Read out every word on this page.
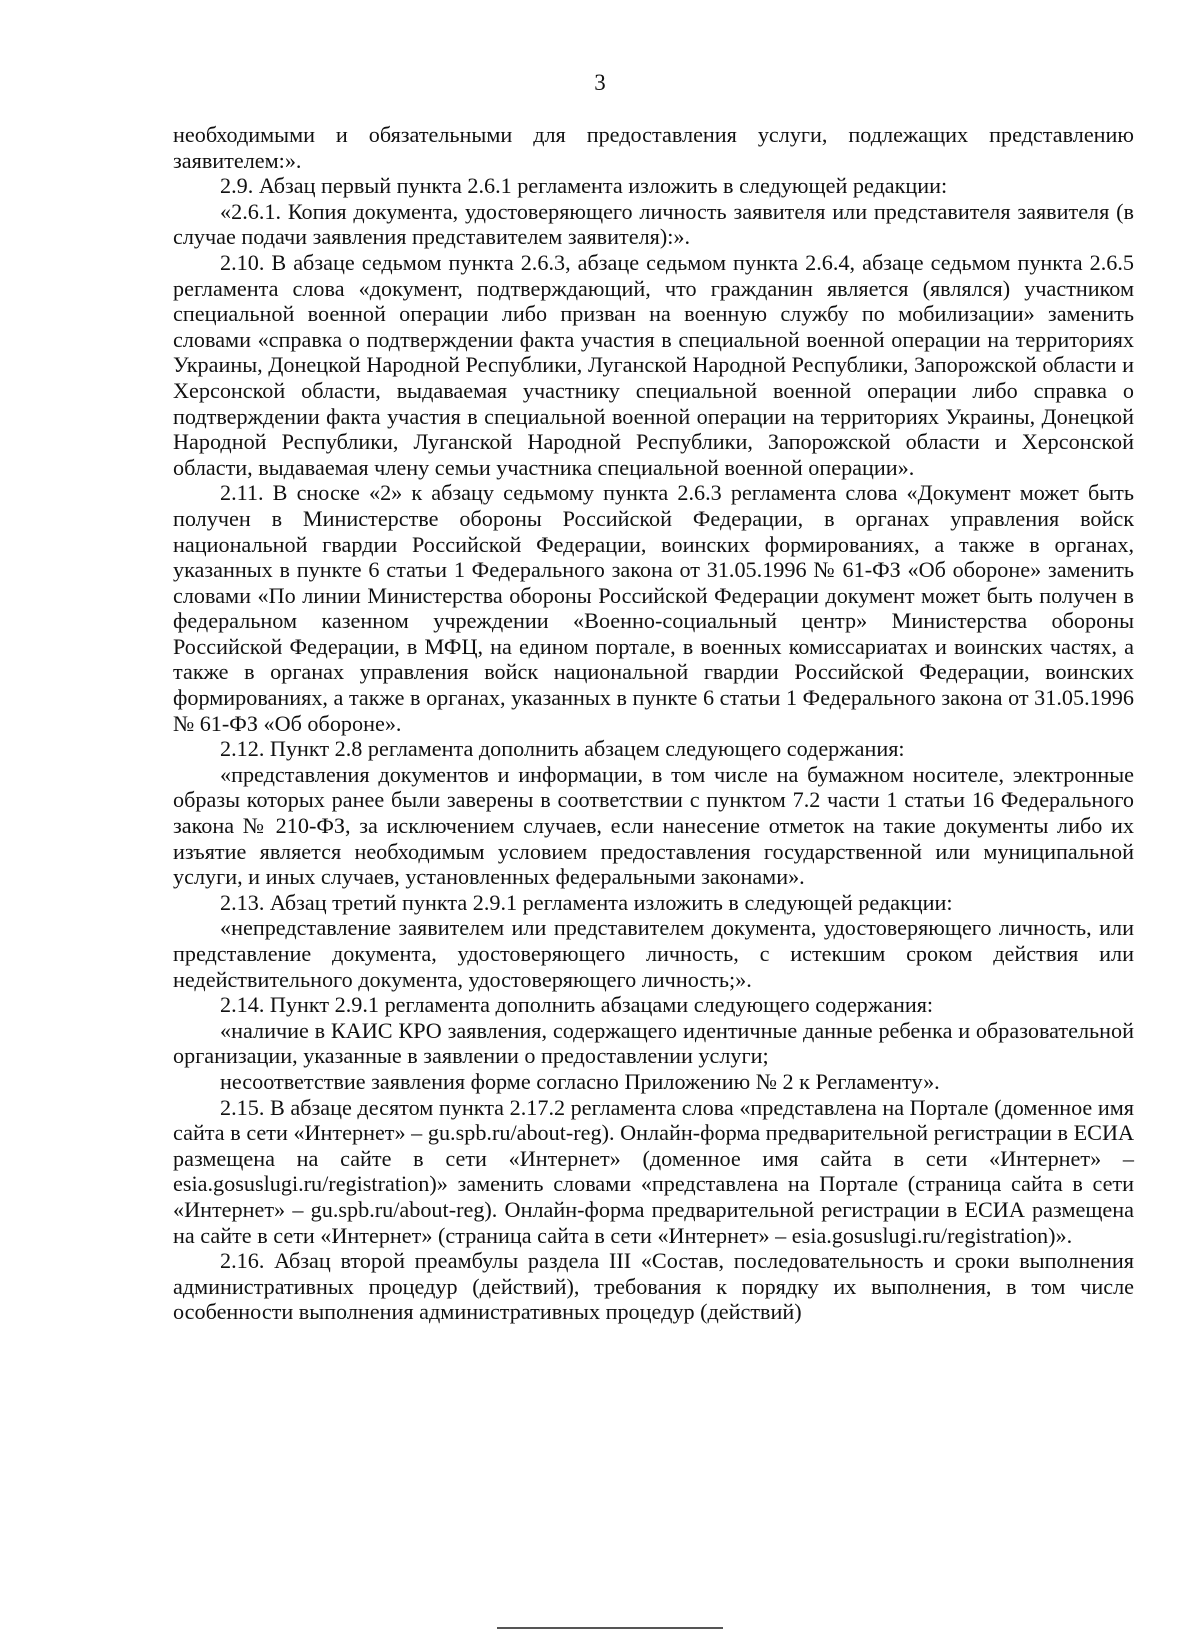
3

необходимыми и обязательными для предоставления услуги, подлежащих представлению заявителем:».

2.9. Абзац первый пункта 2.6.1 регламента изложить в следующей редакции:

«2.6.1. Копия документа, удостоверяющего личность заявителя или представителя заявителя (в случае подачи заявления представителем заявителя):».

2.10. В абзаце седьмом пункта 2.6.3, абзаце седьмом пункта 2.6.4, абзаце седьмом пункта 2.6.5 регламента слова «документ, подтверждающий, что гражданин является (являлся) участником специальной военной операции либо призван на военную службу по мобилизации» заменить словами «справка о подтверждении факта участия в специальной военной операции на территориях Украины, Донецкой Народной Республики, Луганской Народной Республики, Запорожской области и Херсонской области, выдаваемая участнику специальной военной операции либо справка о подтверждении факта участия в специальной военной операции на территориях Украины, Донецкой Народной Республики, Луганской Народной Республики, Запорожской области и Херсонской области, выдаваемая члену семьи участника специальной военной операции».

2.11. В сноске «2» к абзацу седьмому пункта 2.6.3 регламента слова «Документ может быть получен в Министерстве обороны Российской Федерации, в органах управления войск национальной гвардии Российской Федерации, воинских формированиях, а также в органах, указанных в пункте 6 статьи 1 Федерального закона от 31.05.1996 № 61-ФЗ «Об обороне» заменить словами «По линии Министерства обороны Российской Федерации документ может быть получен в федеральном казенном учреждении «Военно-социальный центр» Министерства обороны Российской Федерации, в МФЦ, на едином портале, в военных комиссариатах и воинских частях, а также в органах управления войск национальной гвардии Российской Федерации, воинских формированиях, а также в органах, указанных в пункте 6 статьи 1 Федерального закона от 31.05.1996 № 61-ФЗ «Об обороне».

2.12. Пункт 2.8 регламента дополнить абзацем следующего содержания:

«представления документов и информации, в том числе на бумажном носителе, электронные образы которых ранее были заверены в соответствии с пунктом 7.2 части 1 статьи 16 Федерального закона № 210-ФЗ, за исключением случаев, если нанесение отметок на такие документы либо их изъятие является необходимым условием предоставления государственной или муниципальной услуги, и иных случаев, установленных федеральными законами».

2.13. Абзац третий пункта 2.9.1 регламента изложить в следующей редакции:

«непредставление заявителем или представителем документа, удостоверяющего личность, или представление документа, удостоверяющего личность, с истекшим сроком действия или недействительного документа, удостоверяющего личность;».

2.14. Пункт 2.9.1 регламента дополнить абзацами следующего содержания:

«наличие в КАИС КРО заявления, содержащего идентичные данные ребенка и образовательной организации, указанные в заявлении о предоставлении услуги;

несоответствие заявления форме согласно Приложению № 2 к Регламенту».

2.15. В абзаце десятом пункта 2.17.2 регламента слова «представлена на Портале (доменное имя сайта в сети «Интернет» – gu.spb.ru/about-reg). Онлайн-форма предварительной регистрации в ЕСИА размещена на сайте в сети «Интернет» (доменное имя сайта в сети «Интернет» – esia.gosuslugi.ru/registration)» заменить словами «представлена на Портале (страница сайта в сети «Интернет» – gu.spb.ru/about-reg). Онлайн-форма предварительной регистрации в ЕСИА размещена на сайте в сети «Интернет» (страница сайта в сети «Интернет» – esia.gosuslugi.ru/registration)».

2.16. Абзац второй преамбулы раздела III «Состав, последовательность и сроки выполнения административных процедур (действий), требования к порядку их выполнения, в том числе особенности выполнения административных процедур (действий)
